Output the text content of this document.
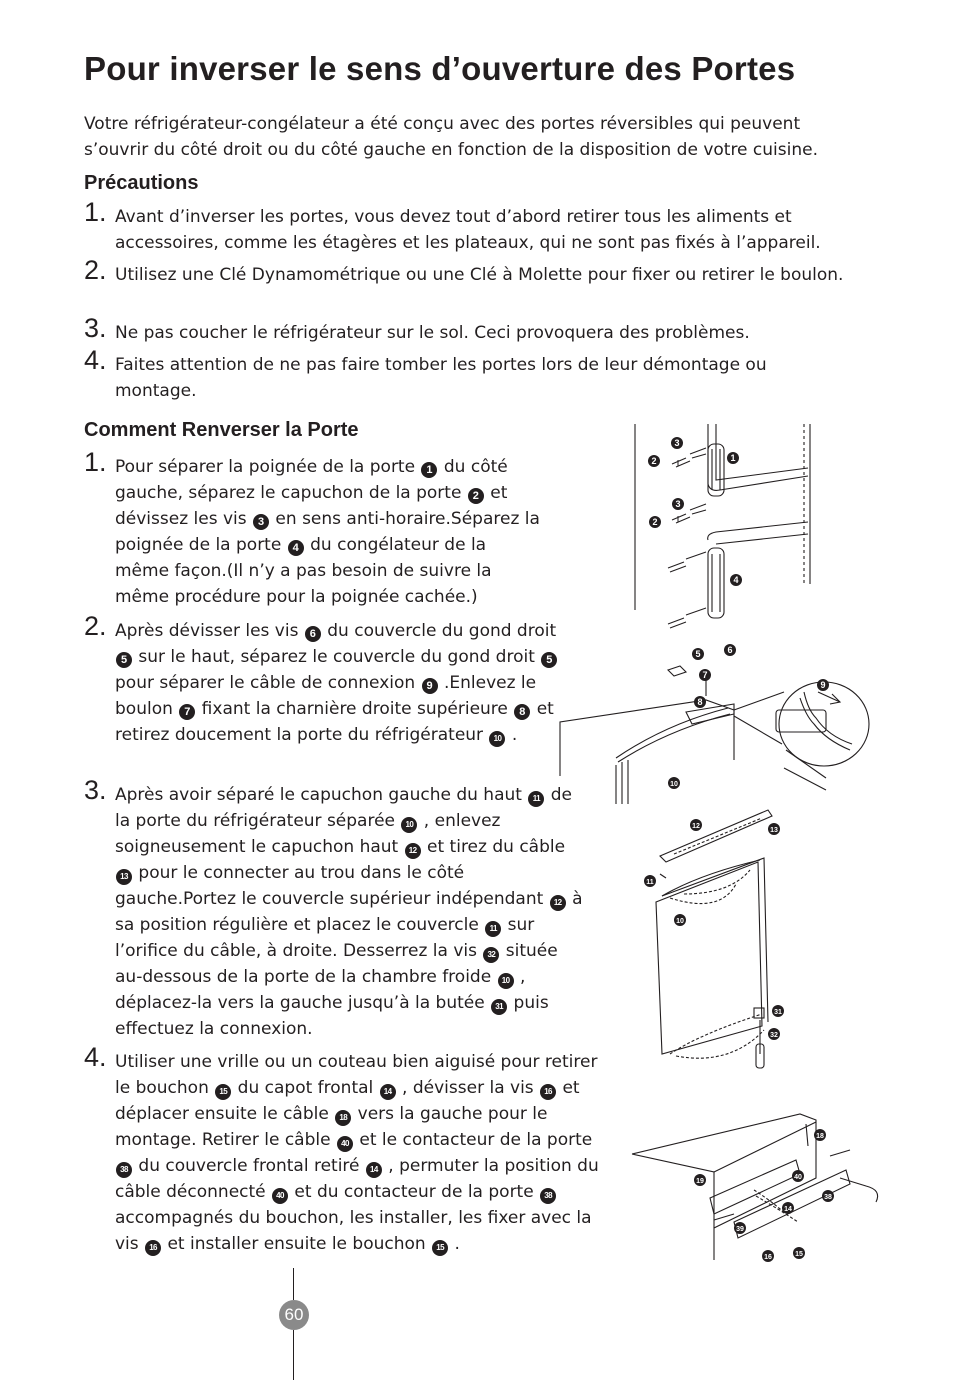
Pour inverser le sens d’ouverture des Portes
Votre réfrigérateur-congélateur a été conçu avec des portes réversibles qui peuvent s’ouvrir du côté droit ou du côté gauche en fonction de la disposition de votre cuisine.
Précautions
1. Avant d’inverser les portes, vous devez tout d’abord retirer tous les aliments et accessoires, comme les étagères et les plateaux, qui ne sont pas fixés à l’appareil.
2. Utilisez une Clé Dynamométrique ou une Clé à Molette pour fixer ou retirer le boulon.
3. Ne pas coucher le réfrigérateur sur le sol. Ceci provoquera des problèmes.
4. Faites attention de ne pas faire tomber les portes lors de leur démontage ou montage.
Comment Renverser la Porte
1. Pour séparer la poignée de la porte 1 du côté gauche, séparez le capuchon de la porte 2 et dévissez les vis 3 en sens anti-horaire.Séparez la poignée de la porte 4 du congélateur de la même façon.(Il n’y a pas besoin de suivre la même procédure pour la poignée cachée.)
2. Après dévisser les vis 6 du couvercle du gond droit 5 sur le haut, séparez le couvercle du gond droit 5 pour séparer le câble de connexion 9 .Enlevez le boulon 7 fixant la charnière droite supérieure 8 et retirez doucement la porte du réfrigérateur 10 .
3. Après avoir séparé le capuchon gauche du haut 11 de la porte du réfrigérateur séparée 10 , enlevez soigneusement le capuchon haut 12 et tirez du câble 13 pour le connecter au trou dans le côté gauche.Portez le couvercle supérieur indépendant 12 à sa position régulière et placez le couvercle 11 sur l’orifice du câble, à droite. Desserrez la vis 32 située au-dessous de la porte de la chambre froide 10 , déplacez-la vers la gauche jusqu’à la butée 31 puis effectuez la connexion.
4. Utiliser une vrille ou un couteau bien aiguisé pour retirer le bouchon 15 du capot frontal 14 , dévisser la vis 16 et déplacer ensuite le câble 18 vers la gauche pour le montage. Retirer le câble 40 et le contacteur de la porte 38 du couvercle frontal retiré 14 , permuter la position du câble déconnecté 40 et du contacteur de la porte 38 accompagnés du bouchon, les installer, les fixer avec la vis 16 et installer ensuite le bouchon 15 .
3
2	1
3
2
4
5	6
7
8
9
10
12
13
11
10
31
32
18
19
40
38
14
39
16	15
60
